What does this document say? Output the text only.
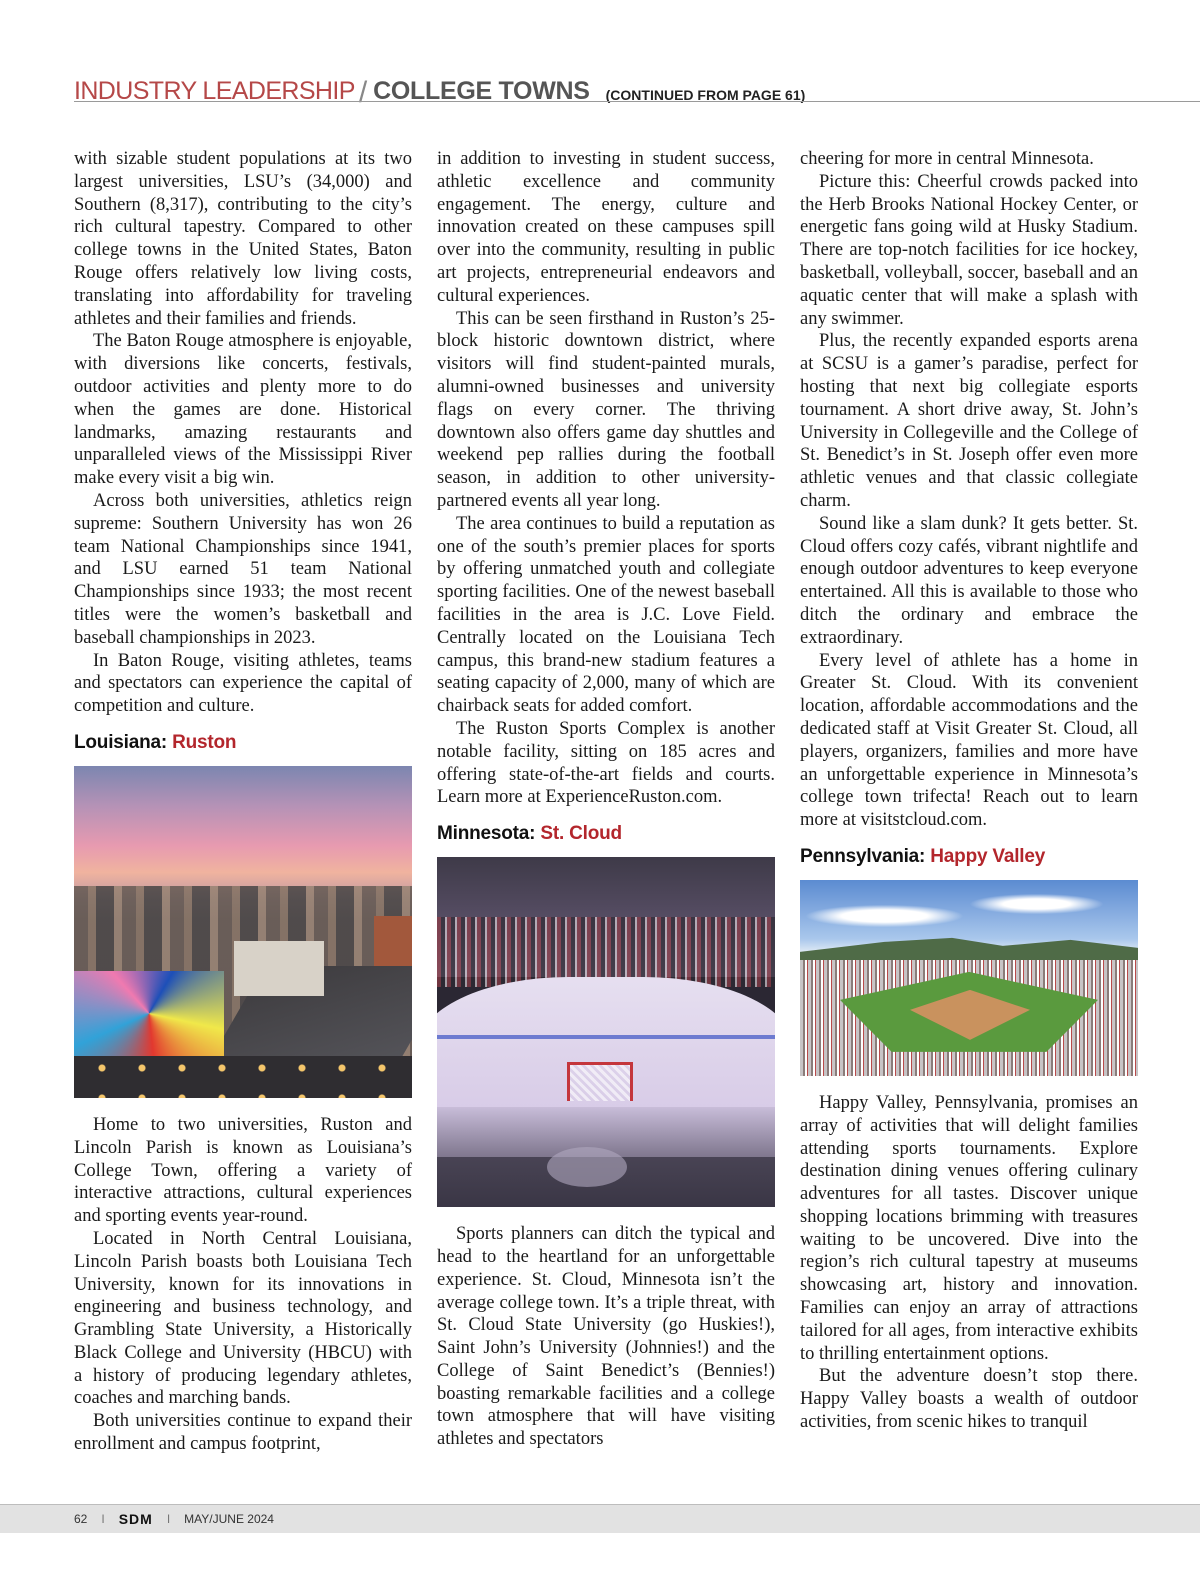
INDUSTRY LEADERSHIP / COLLEGE TOWNS (CONTINUED FROM PAGE 61)

with sizable student populations at its two largest universities, LSU’s (34,000) and Southern (8,317), contributing to the city’s rich cultural tapestry. Compared to other college towns in the United States, Baton Rouge offers relatively low living costs, translating into affordability for traveling athletes and their families and friends.

The Baton Rouge atmosphere is enjoyable, with diversions like concerts, festivals, outdoor activities and plenty more to do when the games are done. Historical landmarks, amazing restaurants and unparalleled views of the Mississippi River make every visit a big win.

Across both universities, athletics reign supreme: Southern University has won 26 team National Championships since 1941, and LSU earned 51 team National Championships since 1933; the most recent titles were the women’s basketball and baseball championships in 2023.

In Baton Rouge, visiting athletes, teams and spectators can experience the capital of competition and culture.

Louisiana: Ruston

Home to two universities, Ruston and Lincoln Parish is known as Louisiana’s College Town, offering a variety of interactive attractions, cultural experiences and sporting events year-round.

Located in North Central Louisiana, Lincoln Parish boasts both Louisiana Tech University, known for its innovations in engineering and business technology, and Grambling State University, a Historically Black College and University (HBCU) with a history of producing legendary athletes, coaches and marching bands.

Both universities continue to expand their enrollment and campus footprint,

in addition to investing in student success, athletic excellence and community engagement. The energy, culture and innovation created on these campuses spill over into the community, resulting in public art projects, entrepreneurial endeavors and cultural experiences.

This can be seen firsthand in Ruston’s 25-block historic downtown district, where visitors will find student-painted murals, alumni-owned businesses and university flags on every corner. The thriving downtown also offers game day shuttles and weekend pep rallies during the football season, in addition to other university-partnered events all year long.

The area continues to build a reputation as one of the south’s premier places for sports by offering unmatched youth and collegiate sporting facilities. One of the newest baseball facilities in the area is J.C. Love Field. Centrally located on the Louisiana Tech campus, this brand-new stadium features a seating capacity of 2,000, many of which are chairback seats for added comfort.

The Ruston Sports Complex is another notable facility, sitting on 185 acres and offering state-of-the-art fields and courts. Learn more at ExperienceRuston.com.

Minnesota: St. Cloud

Sports planners can ditch the typical and head to the heartland for an unforgettable experience. St. Cloud, Minnesota isn’t the average college town. It’s a triple threat, with St. Cloud State University (go Huskies!), Saint John’s University (Johnnies!) and the College of Saint Benedict’s (Bennies!) boasting remarkable facilities and a college town atmosphere that will have visiting athletes and spectators

cheering for more in central Minnesota.

Picture this: Cheerful crowds packed into the Herb Brooks National Hockey Center, or energetic fans going wild at Husky Stadium. There are top-notch facilities for ice hockey, basketball, volleyball, soccer, baseball and an aquatic center that will make a splash with any swimmer.

Plus, the recently expanded esports arena at SCSU is a gamer’s paradise, perfect for hosting that next big collegiate esports tournament. A short drive away, St. John’s University in Collegeville and the College of St. Benedict’s in St. Joseph offer even more athletic venues and that classic collegiate charm.

Sound like a slam dunk? It gets better. St. Cloud offers cozy cafés, vibrant nightlife and enough outdoor adventures to keep everyone entertained. All this is available to those who ditch the ordinary and embrace the extraordinary.

Every level of athlete has a home in Greater St. Cloud. With its convenient location, affordable accommodations and the dedicated staff at Visit Greater St. Cloud, all players, organizers, families and more have an unforgettable experience in Minnesota’s college town trifecta! Reach out to learn more at visitstcloud.com.

Pennsylvania: Happy Valley

Happy Valley, Pennsylvania, promises an array of activities that will delight families attending sports tournaments. Explore destination dining venues offering culinary adventures for all tastes. Discover unique shopping locations brimming with treasures waiting to be uncovered. Dive into the region’s rich cultural tapestry at museums showcasing art, history and innovation. Families can enjoy an array of attractions tailored for all ages, from interactive exhibits to thrilling entertainment options.

But the adventure doesn’t stop there. Happy Valley boasts a wealth of outdoor activities, from scenic hikes to tranquil

62 I SDM I MAY/JUNE 2024
